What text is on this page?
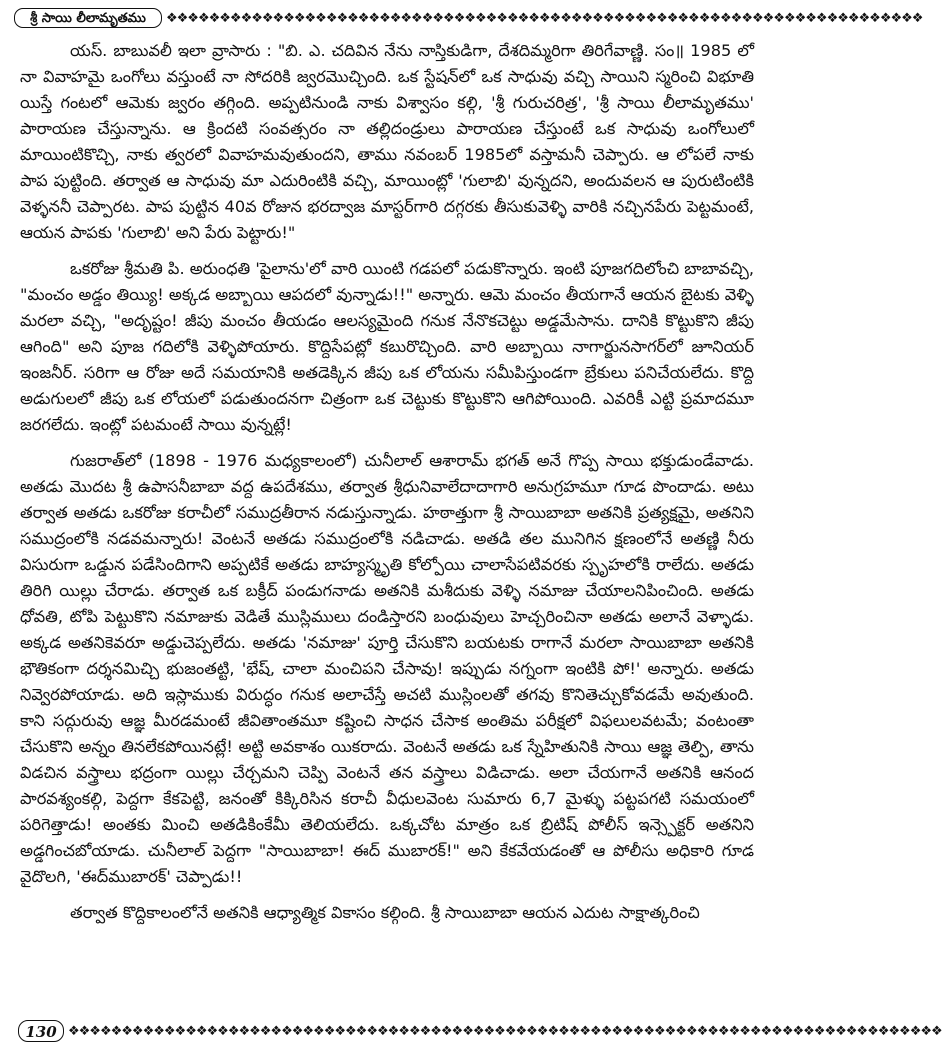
శ్రీ సాయి లీలామృతము	❖❖❖❖❖❖❖❖❖❖❖❖❖❖❖❖❖❖❖❖❖❖❖❖❖❖❖❖❖❖❖❖❖❖❖❖❖❖❖❖❖❖❖❖❖❖❖❖❖❖❖❖❖❖❖❖❖❖❖❖❖❖❖❖❖❖❖❖❖❖❖

యస్. బాబువలీ ఇలా వ్రాసారు : "బి. ఎ. చదివిన నేను నాస్తికుడిగా, దేశదిమ్మరిగా తిరిగేవాణ్ణి. సం॥ 1985 లో నా వివాహమై ఒంగోలు వస్తుంటే నా సోదరికి జ్వరమొచ్చింది. ఒక స్టేషన్‌లో ఒక సాధువు వచ్చి సాయిని స్మరించి విభూతి యిస్తే గంటలో ఆమెకు జ్వరం తగ్గింది. అప్పటినుండి నాకు విశ్వాసం కల్గి, 'శ్రీ గురుచరిత్ర', 'శ్రీ సాయి లీలామృతము' పారాయణ చేస్తున్నాను. ఆ క్రిందటి సంవత్సరం నా తల్లిదండ్రులు పారాయణ చేస్తుంటే ఒక సాధువు ఒంగోలులో మాయింటికొచ్చి, నాకు త్వరలో వివాహమవుతుందని, తాము నవంబర్ 1985లో వస్తామనీ చెప్పారు. ఆ లోపలే నాకు పాప పుట్టింది. తర్వాత ఆ సాధువు మా ఎదురింటికి వచ్చి, మాయింట్లో 'గులాబి' వున్నదని, అందువలన ఆ పురుటింటికి వెళ్ళననీ చెప్పారట. పాప పుట్టిన 40వ రోజున భరద్వాజ మాస్టర్‌గారి దగ్గరకు తీసుకువెళ్ళి వారికి నచ్చినపేరు పెట్టమంటే, ఆయన పాపకు 'గులాబి' అని పేరు పెట్టారు!"

ఒకరోజు శ్రీమతి పి. అరుంధతి 'పైలాను'లో వారి యింటి గడపలో పడుకొన్నారు. ఇంటి పూజగదిలోంచి బాబావచ్చి, "మంచం అడ్డం తియ్యి! అక్కడ అబ్బాయి ఆపదలో వున్నాడు!!" అన్నారు. ఆమె మంచం తీయగానే ఆయన బైటకు వెళ్ళి మరలా వచ్చి, "అదృష్టం! జీపు మంచం తీయడం ఆలస్యమైంది గనుక నేనొకచెట్టు అడ్డమేసాను. దానికి కొట్టుకొని జీపు ఆగింది" అని పూజ గదిలోకి వెళ్ళిపోయారు. కొద్దిసేపట్లో కబురొచ్చింది. వారి అబ్బాయి నాగార్జునసాగర్‌లో జూనియర్ ఇంజనీర్. సరిగా ఆ రోజు అదే సమయానికి అతడెక్కిన జీపు ఒక లోయను సమీపిస్తుండగా బ్రేకులు పనిచేయలేదు. కొద్ది అడుగులలో జీపు ఒక లోయలో పడుతుందనగా చిత్రంగా ఒక చెట్టుకు కొట్టుకొని ఆగిపోయింది. ఎవరికీ ఎట్టి ప్రమాదమూ జరగలేదు. ఇంట్లో పటమంటే సాయి వున్నట్లే!

గుజరాత్‌లో (1898 - 1976 మధ్యకాలంలో) చునీలాల్ ఆశారామ్ భగత్ అనే గొప్ప సాయి భక్తుడుండేవాడు. అతడు మొదట శ్రీ ఉపాసనీబాబా వద్ద ఉపదేశము, తర్వాత శ్రీధునివాలేదాదాగారి అనుగ్రహమూ గూడ పొందాడు. అటు తర్వాత అతడు ఒకరోజు కరాచీలో సముద్రతీరాన నడుస్తున్నాడు. హఠాత్తుగా శ్రీ సాయిబాబా అతనికి ప్రత్యక్షమై, అతనిని సముద్రంలోకి నడవమన్నారు! వెంటనే అతడు సముద్రంలోకి నడిచాడు. అతడి తల మునిగిన క్షణంలోనే అతణ్ణి నీరు విసురుగా ఒడ్డున పడేసిందిగాని అప్పటికే అతడు బాహ్యస్మృతి కోల్పోయి చాలాసేపటివరకు స్పృహలోకి రాలేదు. అతడు తిరిగి యిల్లు చేరాడు. తర్వాత ఒక బక్రీద్ పండుగనాడు అతనికి మశీదుకు వెళ్ళి నమాజు చేయాలనిపించింది. అతడు ధోవతి, టోపి పెట్టుకొని నమాజుకు వెడితే ముస్లిములు దండిస్తారని బంధువులు హెచ్చరించినా అతడు అలానే వెళ్ళాడు. అక్కడ అతనికెవరూ అడ్డుచెప్పలేదు. అతడు 'నమాజు' పూర్తి చేసుకొని బయటకు రాగానే మరలా సాయిబాబా అతనికి భౌతికంగా దర్శనమిచ్చి భుజంతట్టి, 'భేష్, చాలా మంచిపని చేసావు! ఇప్పుడు నగ్నంగా ఇంటికి పో!' అన్నారు. అతడు నివ్వెరపోయాడు. అది ఇస్లాముకు విరుద్ధం గనుక అలాచేస్తే అచటి ముస్లింలతో తగవు కొనితెచ్చుకోవడమే అవుతుంది. కాని సద్గురువు ఆజ్ఞ మీరడమంటే జీవితాంతమూ కష్టించి సాధన చేసాక అంతిమ పరీక్షలో విఫలులవటమే; వంటంతా చేసుకొని అన్నం తినలేకపోయినట్లే! అట్టి అవకాశం యికరాదు. వెంటనే అతడు ఒక స్నేహితునికి సాయి ఆజ్ఞ తెల్పి, తాను విడచిన వస్త్రాలు భద్రంగా యిల్లు చేర్చమని చెప్పి వెంటనే తన వస్త్రాలు విడిచాడు. అలా చేయగానే అతనికి ఆనంద పారవశ్యంకల్గి, పెద్దగా కేకపెట్టి, జనంతో కిక్కిరిసిన కరాచీ వీధులవెంట సుమారు 6,7 మైళ్ళు పట్టపగటి సమయంలో పరిగెత్తాడు! అంతకు మించి అతడికింకేమీ తెలియలేదు. ఒక్కచోట మాత్రం ఒక బ్రిటిష్ పోలీస్ ఇన్స్పెక్టర్ అతనిని అడ్డగించబోయాడు. చునీలాల్ పెద్దగా "సాయిబాబా! ఈద్ ముబారక్!" అని కేకవేయడంతో ఆ పోలీసు అధికారి గూడ వైదొలగి, 'ఈద్‌ముబారక్' చెప్పాడు!!

తర్వాత కొద్దికాలంలోనే అతనికి ఆధ్యాత్మిక వికాసం కల్గింది. శ్రీ సాయిబాబా ఆయన ఎదుట సాక్షాత్కరించి

130 ❖❖❖❖❖❖❖❖❖❖❖❖❖❖❖❖❖❖❖❖❖❖❖❖❖❖❖❖❖❖❖❖❖❖❖❖❖❖❖❖❖❖❖❖❖❖❖❖❖❖❖❖❖❖❖❖❖❖❖❖❖❖❖❖❖❖❖❖❖❖❖❖❖❖❖❖❖❖❖❖❖❖
